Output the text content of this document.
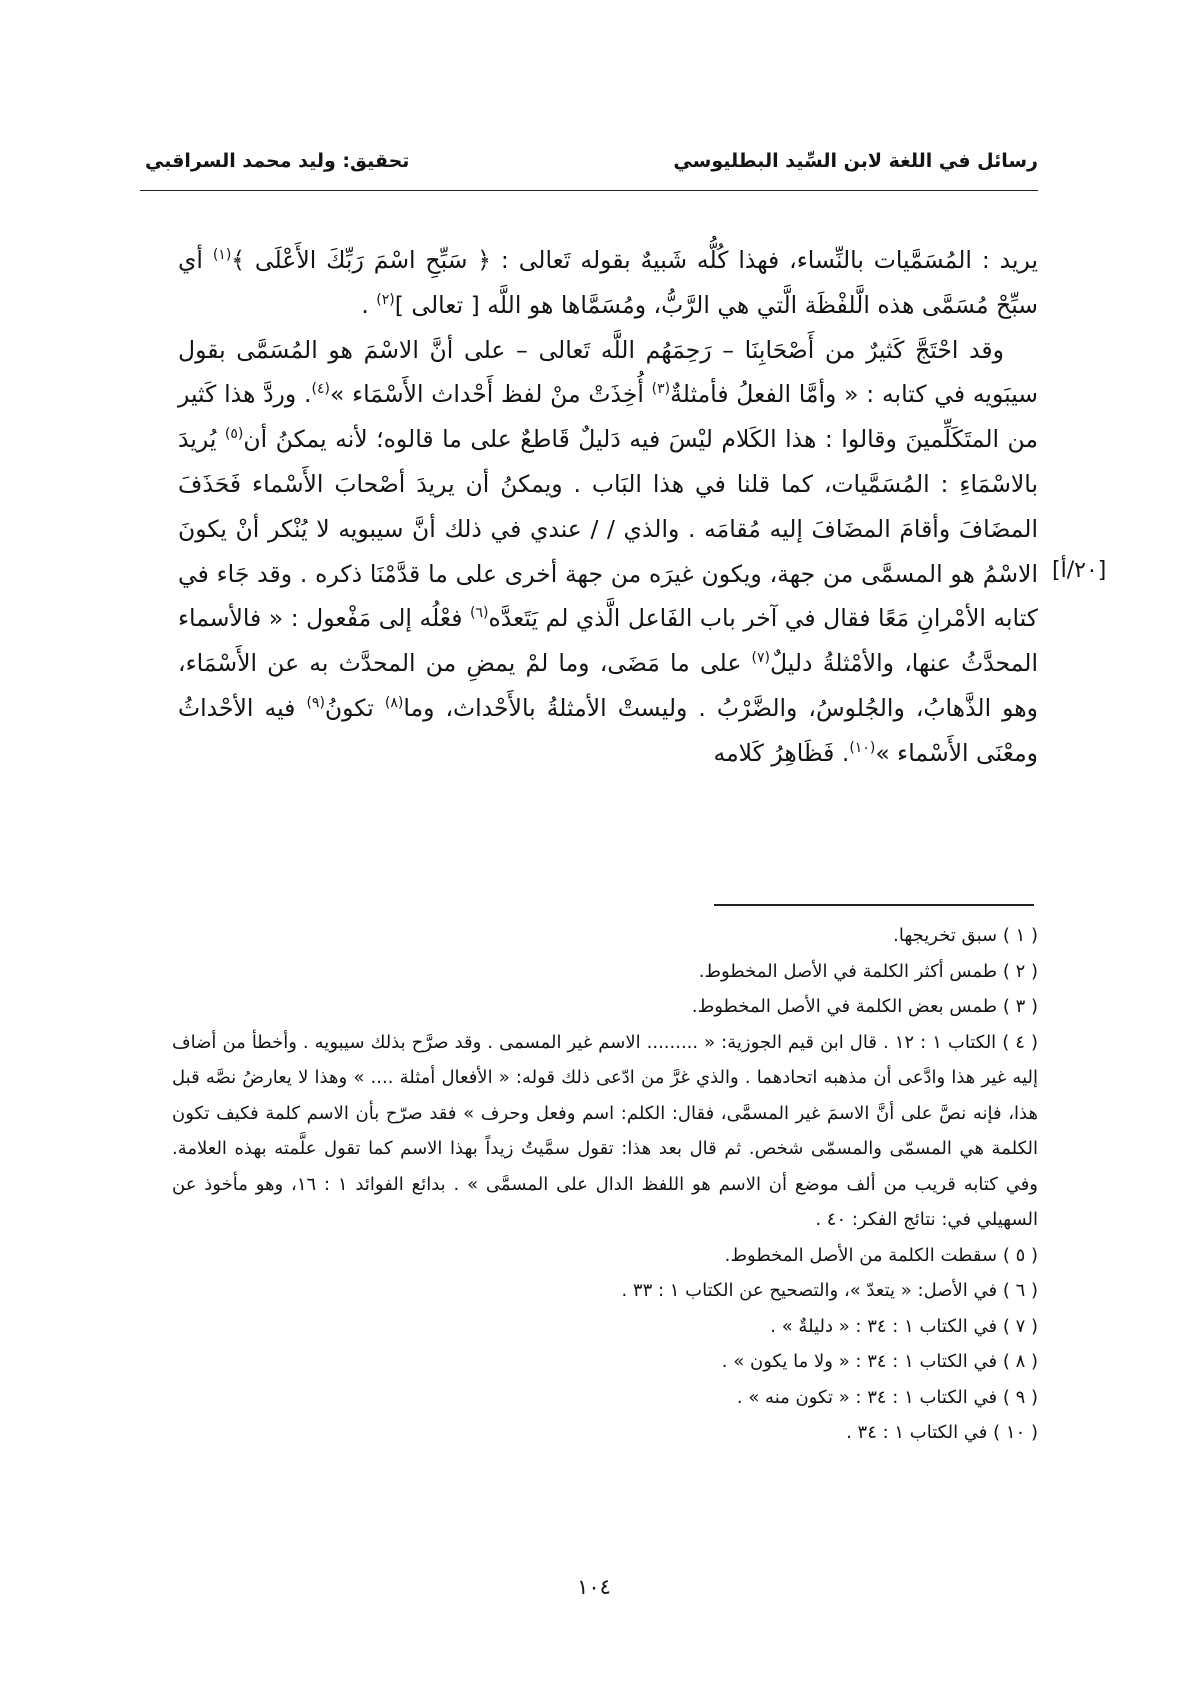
رسائل في اللغة لابن السِّيد البطليوسي
تحقيق: وليد محمد السراقبي
[٢٠/أ]

يريد : المُسَمَّيات بالنِّساء، فهذا كُلُّه شَبيهٌ بقوله تَعالى : ﴿ سَبِّحِ اسْمَ رَبِّكَ الأَعْلَى ﴾$^{(١)}$ أي سبِّحْ مُسَمَّى هذه الَّلفْظَة الَّتي هي الرَّبُّ، ومُسَمَّاها هو اللَّه [ تعالى ]$^{(٢)}$ .

وقد احْتَجَّ كَثيرٌ من أَصْحَابِنَا – رَحِمَهُم اللَّه تَعالى – على أنَّ الاسْمَ هو المُسَمَّى بقول سيبَويه في كتابه : « وأمَّا الفعلُ فأمثلةٌ$^{(٣)}$ أُخِذَتْ منْ لفظ أَحْداث الأَسْمَاء »$^{(٤)}$. وردَّ هذا كَثير من المتَكَلِّمينَ وقالوا : هذا الكَلام ليْسَ فيه دَليلٌ قَاطعٌ على ما قالوه؛ لأنه يمكنُ أن$^{(٥)}$ يُريدَ بالاسْمَاءِ : المُسَمَّيات، كما قلنا في هذا البَاب . ويمكنُ أن يريدَ أصْحابَ الأَسْماء فَحَذَفَ المضَافَ وأقامَ المضَافَ إليه مُقامَه . والذي / / عندي في ذلك أنَّ سيبويه لا يُنْكر أنْ يكونَ الاسْمُ هو المسمَّى من جهة، ويكون غيرَه من جهة أخرى على ما قدَّمْنَا ذكره . وقد جَاء في كتابه الأمْرانِ مَعًا فقال في آخر باب الفَاعل الَّذي لم يَتَعدَّه$^{(٦)}$ فعْلُه إلى مَفْعول : « فالأسماء المحدَّثُ عنها، والأمْثلةُ دليلٌ$^{(٧)}$ على ما مَضَى، وما لمْ يمضِ من المحدَّث به عن الأَسْمَاء، وهو الذَّهابُ، والجُلوسُ، والضَّرْبُ . وليستْ الأمثلةُ بالأَحْداث، وما$^{(٨)}$ تكونُ$^{(٩)}$ فيه الأحْداثُ ومعْنَى الأَسْماء »$^{(١٠)}$. فَظَاهِرُ كَلامه

( ١ ) سبق تخريجها.

( ٢ ) طمس أكثر الكلمة في الأصل المخطوط.

( ٣ ) طمس بعض الكلمة في الأصل المخطوط.

( ٤ ) الكتاب ١ : ١٢ . قال ابن قيم الجوزية: « ......... الاسم غير المسمى . وقد صرَّح بذلك سيبويه . وأخطأ من أضاف إليه غير هذا وادَّعى أن مذهبه اتحادهما . والذي غرَّ من ادّعى ذلك قوله: « الأفعال أمثلة .... » وهذا لا يعارضُ نصَّه قبل هذا، فإنه نصَّ على أنَّ الاسمَ غير المسمَّى، فقال: الكلم: اسم وفعل وحرف » فقد صرّح بأن الاسم كلمة فكيف تكون الكلمة هي المسمّى والمسمّى شخص. ثم قال بعد هذا: تقول سمَّيتُ زيداً بهذا الاسم كما تقول علَّمته بهذه العلامة. وفي كتابه قريب من ألف موضع أن الاسم هو اللفظ الدال على المسمَّى » . بدائع الفوائد ١ : ١٦، وهو مأخوذ عن السهيلي في: نتائج الفكر: ٤٠ .

( ٥ ) سقطت الكلمة من الأصل المخطوط.

( ٦ ) في الأصل: « يتعدّ »، والتصحيح عن الكتاب ١ : ٣٣ .

( ٧ ) في الكتاب ١ : ٣٤ : « دليلةٌ » .

( ٨ ) في الكتاب ١ : ٣٤ : « ولا ما يكون » .

( ٩ ) في الكتاب ١ : ٣٤ : « تكون منه » .

( ١٠ ) في الكتاب ١ : ٣٤ .

١٠٤
